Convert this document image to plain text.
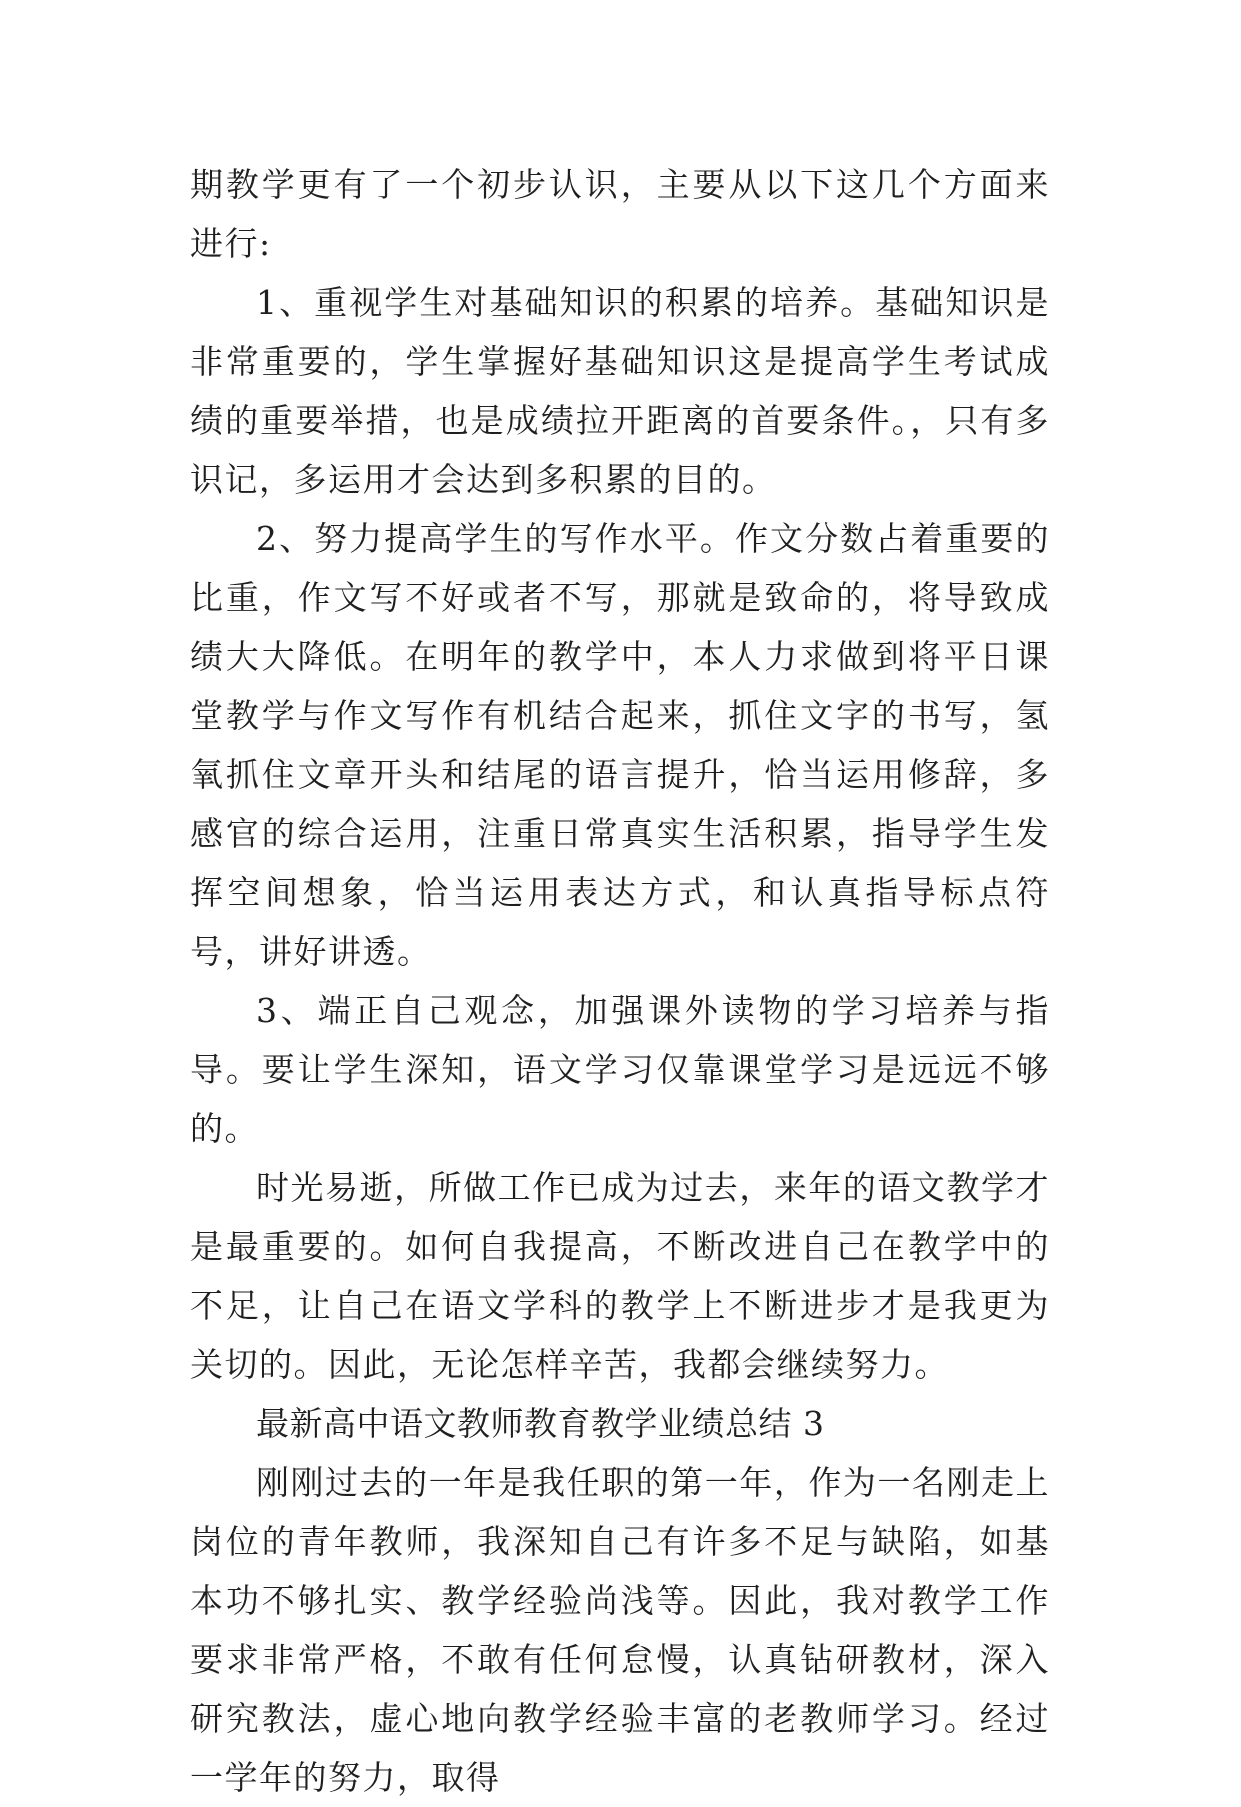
期教学更有了一个初步认识，主要从以下这几个方面来进行:

1、重视学生对基础知识的积累的培养。基础知识是非常重要的，学生掌握好基础知识这是提高学生考试成绩的重要举措，也是成绩拉开距离的首要条件。，只有多识记，多运用才会达到多积累的目的。

2、努力提高学生的写作水平。作文分数占着重要的比重，作文写不好或者不写，那就是致命的，将导致成绩大大降低。在明年的教学中，本人力求做到将平日课堂教学与作文写作有机结合起来，抓住文字的书写，氢氧抓住文章开头和结尾的语言提升，恰当运用修辞，多感官的综合运用，注重日常真实生活积累，指导学生发挥空间想象，恰当运用表达方式，和认真指导标点符号，讲好讲透。

3、端正自己观念，加强课外读物的学习培养与指导。要让学生深知，语文学习仅靠课堂学习是远远不够的。

时光易逝，所做工作已成为过去，来年的语文教学才是最重要的。如何自我提高，不断改进自己在教学中的不足，让自己在语文学科的教学上不断进步才是我更为关切的。因此，无论怎样辛苦，我都会继续努力。

最新高中语文教师教育教学业绩总结 3

刚刚过去的一年是我任职的第一年，作为一名刚走上岗位的青年教师，我深知自己有许多不足与缺陷，如基本功不够扎实、教学经验尚浅等。因此，我对教学工作要求非常严格，不敢有任何怠慢，认真钻研教材，深入研究教法，虚心地向教学经验丰富的老教师学习。经过一学年的努力，取得
